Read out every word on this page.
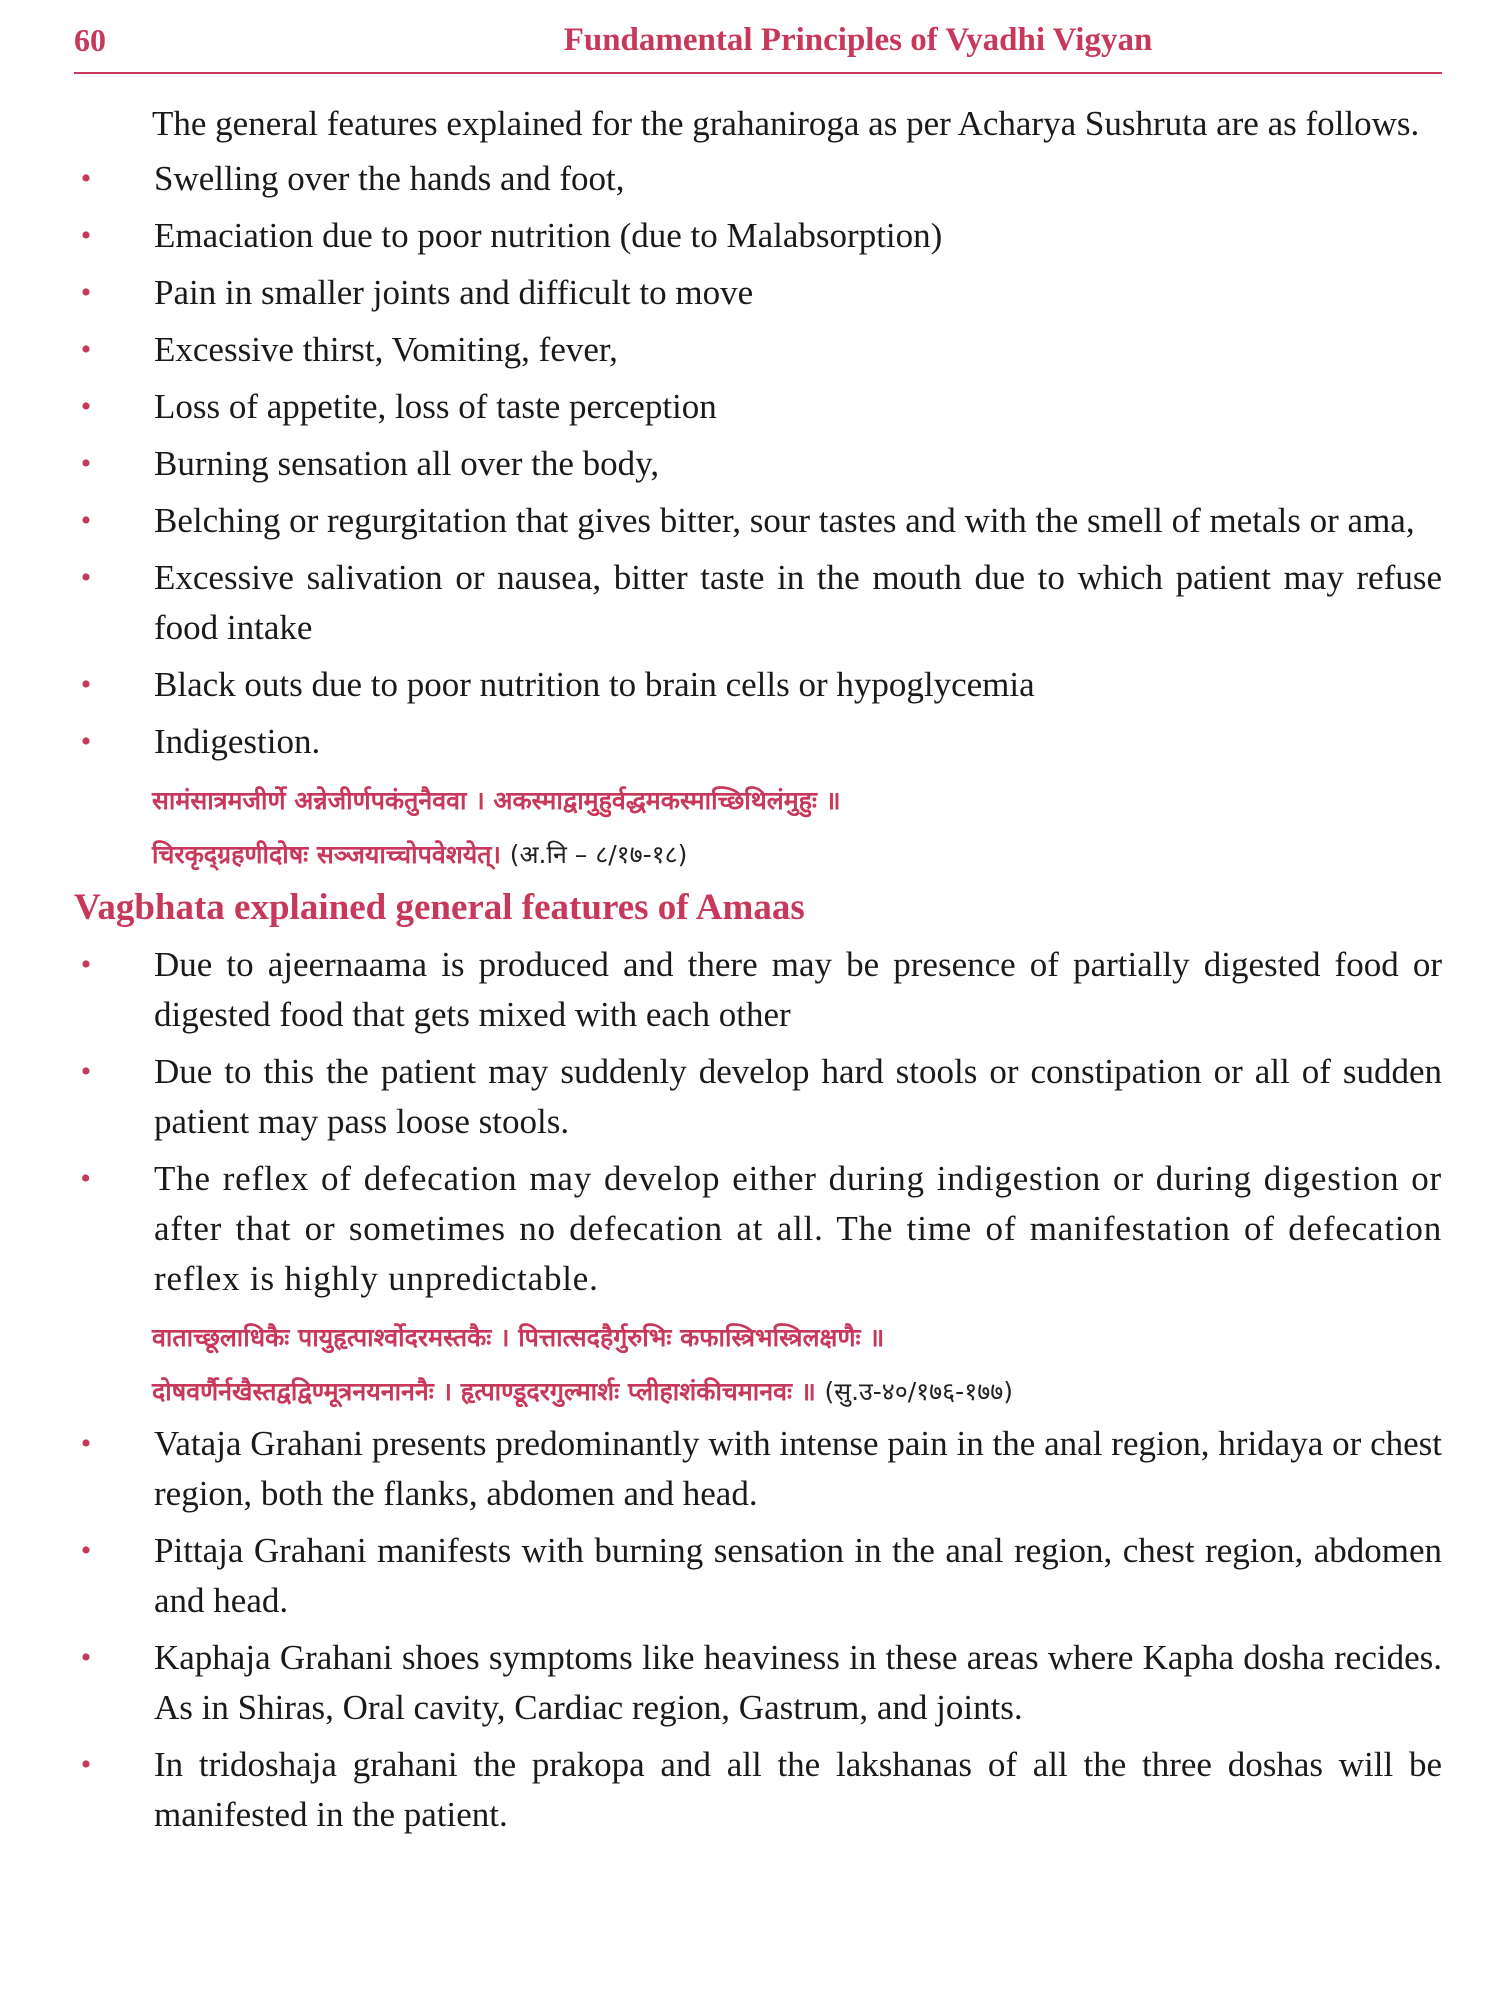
60	Fundamental Principles of Vyadhi Vigyan

The general features explained for the grahaniroga as per Acharya Sushruta are as follows.

• Swelling over the hands and foot,
• Emaciation due to poor nutrition (due to Malabsorption)
• Pain in smaller joints and difficult to move
• Excessive thirst, Vomiting, fever,
• Loss of appetite, loss of taste perception
• Burning sensation all over the body,
• Belching or regurgitation that gives bitter, sour tastes and with the smell of metals or ama,
• Excessive salivation or nausea, bitter taste in the mouth due to which patient may refuse food intake
• Black outs due to poor nutrition to brain cells or hypoglycemia
• Indigestion.
सामंसात्रमजीर्णे अन्नेजीर्णपकंतुनैववा । अकस्माद्वामुहुर्वद्धमकस्माच्छिथिलंमुहुः ॥
चिरकृद्ग्रहणीदोषः सञ्जयाच्चोपवेशयेत्। (अ.नि – ८/१७-१८)
Vagbhata explained general features of Amaas
• Due to ajeernaama is produced and there may be presence of partially digested food or digested food that gets mixed with each other
• Due to this the patient may suddenly develop hard stools or constipation or all of sudden patient may pass loose stools.
• The reflex of defecation may develop either during indigestion or during digestion or after that or sometimes no defecation at all. The time of manifestation of defecation reflex is highly unpredictable.
वाताच्छूलाधिकैः पायुहृत्पार्श्वोदरमस्तकैः । पित्तात्सदहैर्गुरुभिः कफास्त्रिभस्त्रिलक्षणैः ॥
दोषवर्णैर्नखैस्तद्वद्विण्मूत्रनयनाननैः । हृत्पाण्डूदरगुल्मार्शः प्लीहाशंकीचमानवः ॥ (सु.उ-४०/१७६-१७७)
• Vataja Grahani presents predominantly with intense pain in the anal region, hridaya or chest region, both the flanks, abdomen and head.
• Pittaja Grahani manifests with burning sensation in the anal region, chest region, abdomen and head.
• Kaphaja Grahani shoes symptoms like heaviness in these areas where Kapha dosha recides. As in Shiras, Oral cavity, Cardiac region, Gastrum, and joints.
• In tridoshaja grahani the prakopa and all the lakshanas of all the three doshas will be manifested in the patient.
